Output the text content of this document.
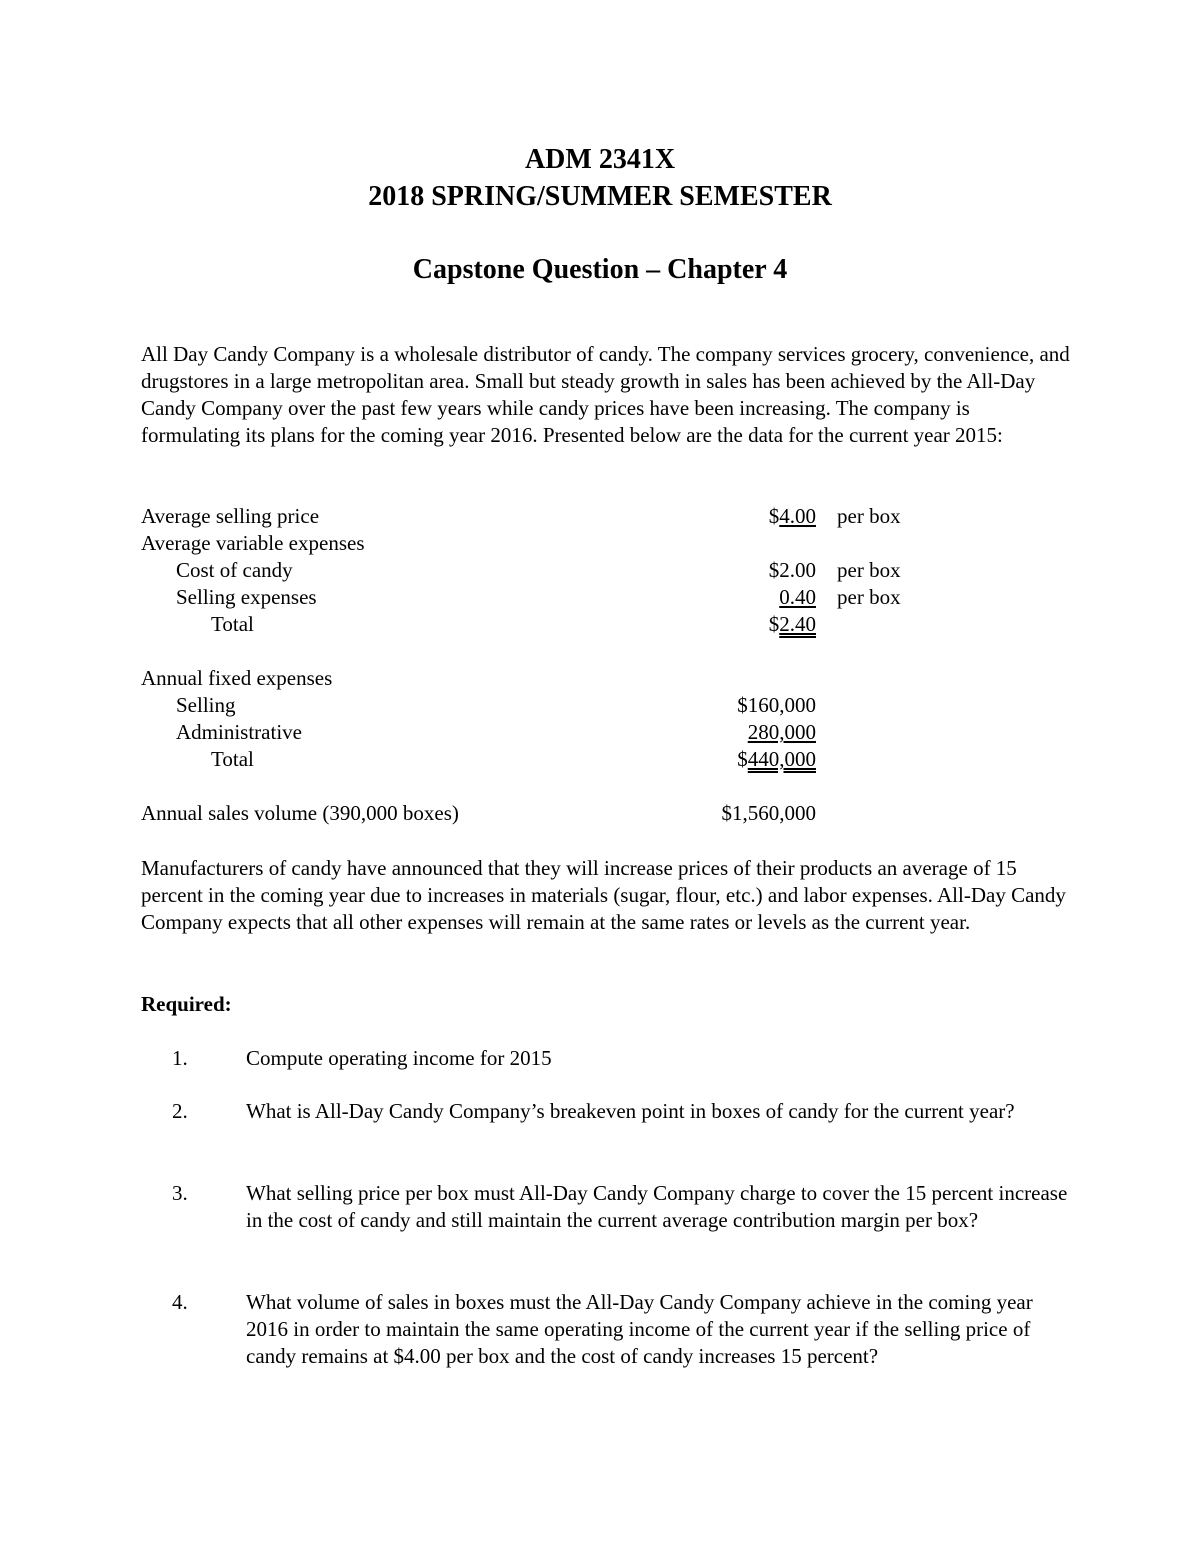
ADM 2341X
2018 SPRING/SUMMER SEMESTER
Capstone Question – Chapter 4

All Day Candy Company is a wholesale distributor of candy. The company services grocery, convenience, and drugstores in a large metropolitan area. Small but steady growth in sales has been achieved by the All-Day Candy Company over the past few years while candy prices have been increasing. The company is formulating its plans for the coming year 2016. Presented below are the data for the current year 2015:

Average selling price	$4.00 per box
Average variable expenses
Cost of candy	$2.00 per box
Selling expenses	0.40 per box
Total	$2.40
Annual fixed expenses
Selling	$160,000
Administrative	280,000
Total	$440,000
Annual sales volume (390,000 boxes)	$1,560,000

Manufacturers of candy have announced that they will increase prices of their products an average of 15 percent in the coming year due to increases in materials (sugar, flour, etc.) and labor expenses. All-Day Candy Company expects that all other expenses will remain at the same rates or levels as the current year.

Required:
1.	Compute operating income for 2015

2.	What is All-Day Candy Company’s breakeven point in boxes of candy for the current year?

3.	What selling price per box must All-Day Candy Company charge to cover the 15 percent increase in the cost of candy and still maintain the current average contribution margin per box?

4.	What volume of sales in boxes must the All-Day Candy Company achieve in the coming year 2016 in order to maintain the same operating income of the current year if the selling price of candy remains at $4.00 per box and the cost of candy increases 15 percent?
